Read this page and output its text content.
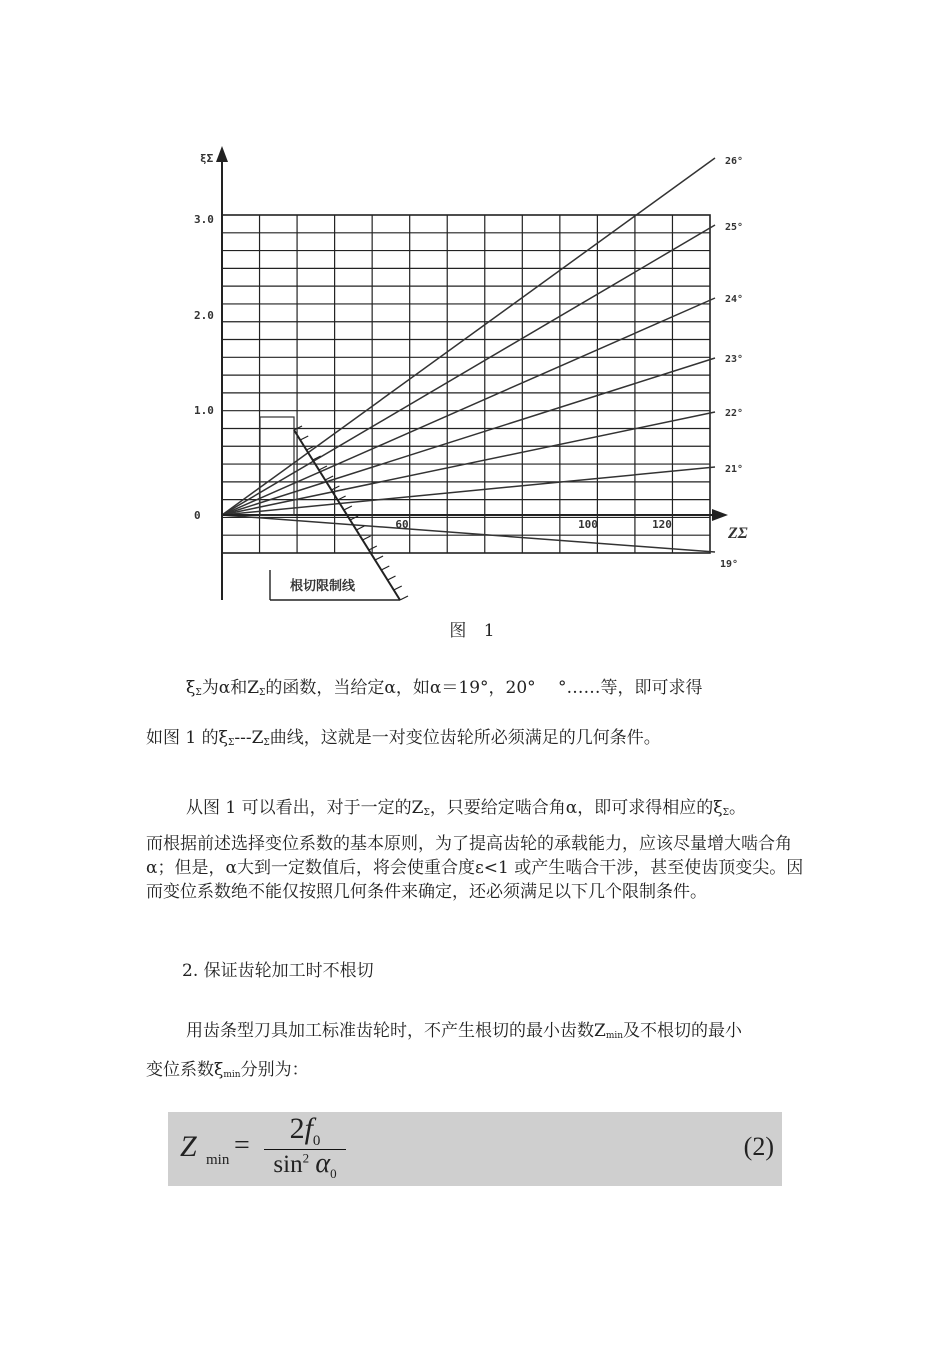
3.0
2.0
1.0
0
60	100	120
ξΣ
ZΣ
26°
25°
24°
23°
22°
21°
19°
根切限制线
图 1

$\xi_\Sigma$为α和$Z_\Sigma$的函数，当给定α，如α＝19°，20°　 °……等，即可求得

如图 1 的$\xi_\Sigma---Z_\Sigma$曲线，这就是一对变位齿轮所必须满足的几何条件。

从图 1 可以看出，对于一定的$Z_\Sigma$，只要给定啮合角α，即可求得相应的$\xi_\Sigma$。

而根据前述选择变位系数的基本原则，为了提高齿轮的承载能力，应该尽量增大啮合角α；但是，α大到一定数值后，将会使重合度ε<1 或产生啮合干涉，甚至使齿顶变尖。因而变位系数绝不能仅按照几何条件来确定，还必须满足以下几个限制条件。

2. 保证齿轮加工时不根切

用齿条型刀具加工标准齿轮时，不产生根切的最小齿数$Z_{min}$及不根切的最小

变位系数$\xi_{min}$分别为：

Z min =
$2f_0$
$\sin^2 \alpha_0$
(2)
